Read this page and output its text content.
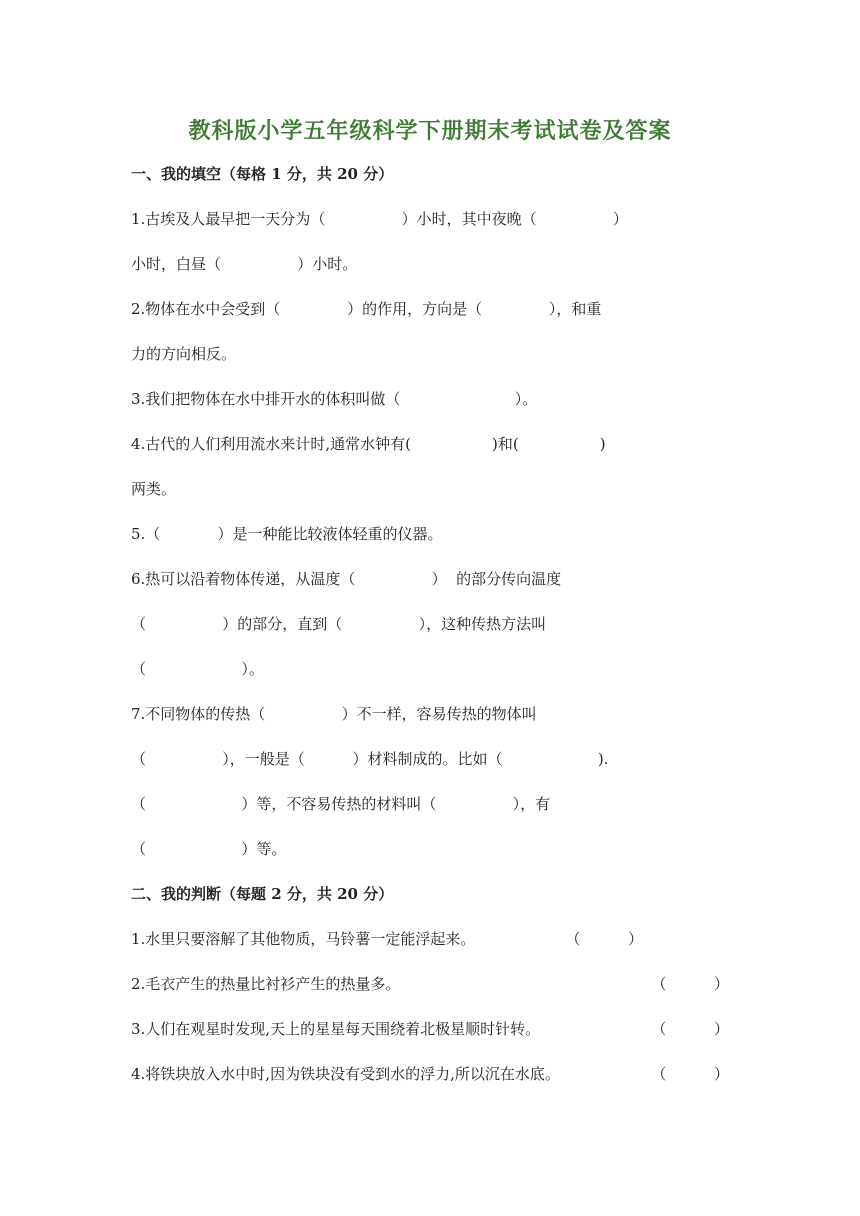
教科版小学五年级科学下册期末考试试卷及答案
一、我的填空（每格 1 分，共 20 分）
1.古埃及人最早把一天分为（                ）小时，其中夜晚（                ）
小时，白昼（                ）小时。
2.物体在水中会受到（              ）的作用，方向是（              ），和重
力的方向相反。
3.我们把物体在水中排开水的体积叫做（                        ）。
4.古代的人们利用流水来计时,通常水钟有(                 )和(                 )
两类。
5.（            ）是一种能比较液体轻重的仪器。
6.热可以沿着物体传递，从温度（                ）  的部分传向温度
（                ）的部分，直到（                ），这种传热方法叫
（                    ）。
7.不同物体的传热（                ）不一样，容易传热的物体叫
（                ），一般是（          ）材料制成的。比如（                    ).
（                    ）等，不容易传热的材料叫（                ），有
（                    ）等。
二、我的判断（每题 2 分，共 20 分）
1.水里只要溶解了其他物质，马铃薯一定能浮起来。	（          ）
2.毛衣产生的热量比衬衫产生的热量多。	（          ）
3.人们在观星时发现,天上的星星每天围绕着北极星顺时针转。	（          ）
4.将铁块放入水中时,因为铁块没有受到水的浮力,所以沉在水底。	（          ）
